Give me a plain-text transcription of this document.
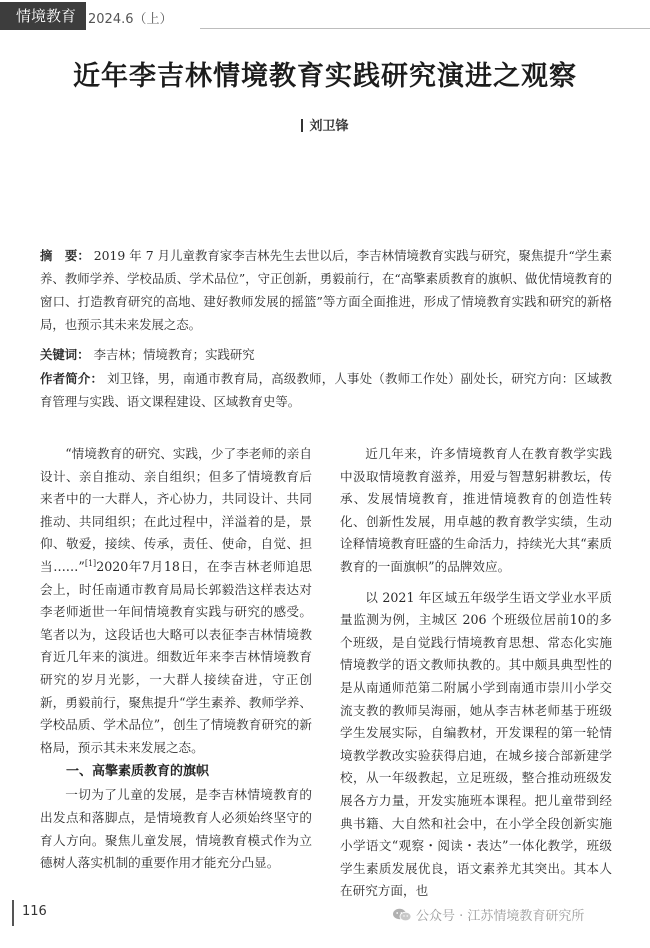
情境教育 2024.6（上）
近年李吉林情境教育实践研究演进之观察
刘卫锋
摘　要： 2019 年 7 月儿童教育家李吉林先生去世以后，李吉林情境教育实践与研究，聚焦提升“学生素养、教师学养、学校品质、学术品位”，守正创新，勇毅前行，在“高擎素质教育的旗帜、做优情境教育的窗口、打造教育研究的高地、建好教师发展的摇篮”等方面全面推进，形成了情境教育实践和研究的新格局，也预示其未来发展之态。
关键词： 李吉林；情境教育；实践研究
作者简介： 刘卫锋，男，南通市教育局，高级教师，人事处（教师工作处）副处长，研究方向：区域教育管理与实践、语文课程建设、区域教育史等。

“情境教育的研究、实践，少了李老师的亲自设计、亲自推动、亲自组织；但多了情境教育后来者中的一大群人，齐心协力，共同设计、共同推动、共同组织；在此过程中，洋溢着的是，景仰、敬爱，接续、传承，责任、使命，自觉、担当……”[1]2020年7月18日，在李吉林老师追思会上，时任南通市教育局局长郭毅浩这样表达对李老师逝世一年间情境教育实践与研究的感受。笔者以为，这段话也大略可以表征李吉林情境教育近几年来的演进。细数近年来李吉林情境教育研究的岁月光影，一大群人接续奋进，守正创新，勇毅前行，聚焦提升“学生素养、教师学养、学校品质、学术品位”，创生了情境教育研究的新格局，预示其未来发展之态。

一、高擎素质教育的旗帜

一切为了儿童的发展，是李吉林情境教育的出发点和落脚点，是情境教育人必须始终坚守的育人方向。聚焦儿童发展，情境教育模式作为立德树人落实机制的重要作用才能充分凸显。

近几年来，许多情境教育人在教育教学实践中汲取情境教育滋养，用爱与智慧躬耕教坛，传承、发展情境教育，推进情境教育的创造性转化、创新性发展，用卓越的教育教学实绩，生动诠释情境教育旺盛的生命活力，持续光大其“素质教育的一面旗帜”的品牌效应。

以 2021 年区域五年级学生语文学业水平质量监测为例，主城区 206 个班级位居前10的多个班级，是自觉践行情境教育思想、常态化实施情境教学的语文教师执教的。其中颇具典型性的是从南通师范第二附属小学到南通市崇川小学交流支教的教师吴海丽，她从李吉林老师基于班级学生发展实际，自编教材，开发课程的第一轮情境教学教改实验获得启迪，在城乡接合部新建学校，从一年级教起，立足班级，整合推动班级发展各方力量，开发实施班本课程。把儿童带到经典书籍、大自然和社会中，在小学全段创新实施小学语文“观察・阅读・表达”一体化教学，班级学生素质发展优良，语文素养尤其突出。其本人在研究方面，也

116	公众号 · 江苏情境教育研究所
